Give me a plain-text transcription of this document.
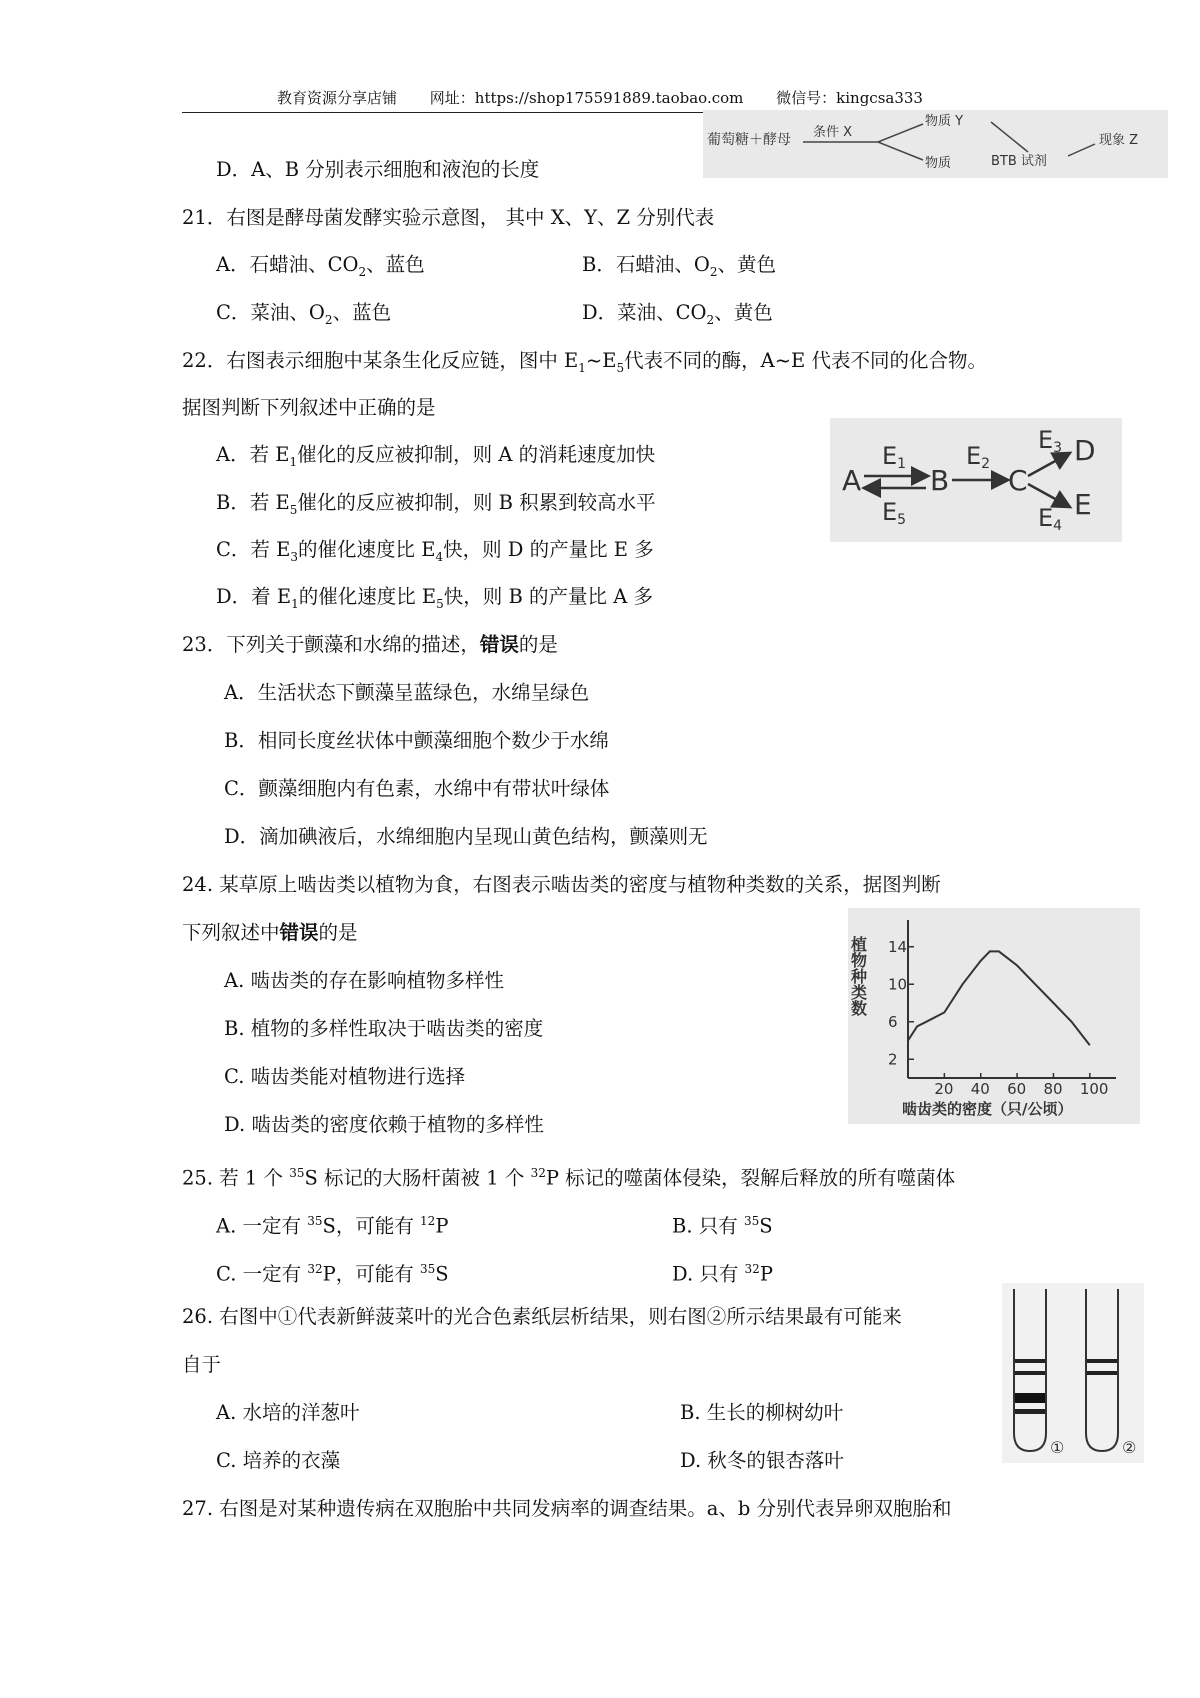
教育资源分享店铺 网址：https://shop175591889.taobao.com 微信号：kingcsa333
葡萄糖＋酵母 条件 X
物质 Y
物质	BTB 试剂
现象 Z
D．A、B 分别表示细胞和液泡的长度
21．右图是酵母菌发酵实验示意图， 其中 X、Y、Z 分别代表
A．石蜡油、$CO_2$、蓝色	B．石蜡油、$O_2$、黄色
C．菜油、$O_2$、蓝色	D．菜油、$CO_2$、黄色
22．右图表示细胞中某条生化反应链，图中 $E_1\sim E_5$代表不同的酶，A~E 代表不同的化合物。
据图判断下列叙述中正确的是
A．若 $E_1$催化的反应被抑制，则 A 的消耗速度加快
B．若 $E_5$催化的反应被抑制，则 B 积累到较高水平
C．若 $E_3$的催化速度比 $E_4$快，则 D 的产量比 E 多
D．着 $E_1$的催化速度比 $E_5$快，则 B 的产量比 A 多
A
E1
E5
B
E2 C
E3
E4
D
E
23．下列关于颤藻和水绵的描述，错误的是
A．生活状态下颤藻呈蓝绿色，水绵呈绿色
B．相同长度丝状体中颤藻细胞个数少于水绵
C．颤藻细胞内有色素，水绵中有带状叶绿体
D．滴加碘液后，水绵细胞内呈现山黄色结构，颤藻则无
24. 某草原上啮齿类以植物为食，右图表示啮齿类的密度与植物种类数的关系，据图判断
下列叙述中错误的是
A. 啮齿类的存在影响植物多样性
B. 植物的多样性取决于啮齿类的密度
C. 啮齿类能对植物进行选择
D. 啮齿类的密度依赖于植物的多样性
植物种类数
啮齿类的密度（只/公顷）
2
6
10
14
20 40 60 80 100
25. 若 1 个 $^{35}$S 标记的大肠杆菌被 1 个 $^{32}$P 标记的噬菌体侵染，裂解后释放的所有噬菌体
A. 一定有 $^{35}$S，可能有 $^{12}$P	B. 只有 $^{35}$S
C. 一定有 $^{32}$P，可能有 $^{35}$S	D. 只有 $^{32}$P
26. 右图中①代表新鲜菠菜叶的光合色素纸层析结果，则右图②所示结果最有可能来
自于
A. 水培的洋葱叶	B. 生长的柳树幼叶
C. 培养的衣藻	D. 秋冬的银杏落叶
①	②
27. 右图是对某种遗传病在双胞胎中共同发病率的调查结果。a、b 分别代表异卵双胞胎和
